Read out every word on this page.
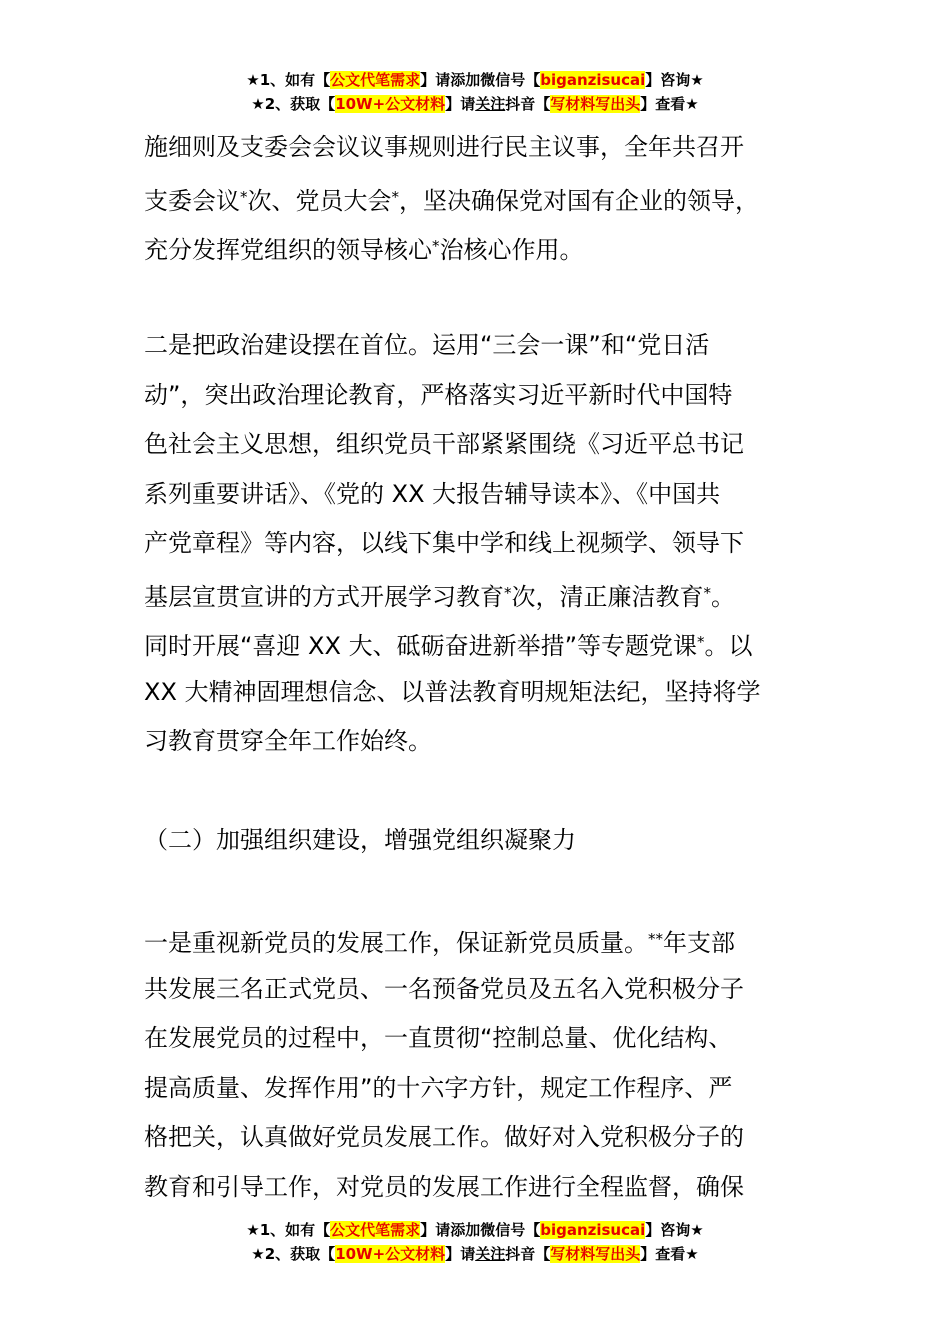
★1、如有【公文代笔需求】请添加微信号【biganzisucai】咨询★
★2、获取【10W+公文材料】请关注抖音【写材料写出头】查看★
施细则及支委会会议议事规则进行民主议事，全年共召开
支委会议*次、党员大会*，坚决确保党对国有企业的领导，
充分发挥党组织的领导核心*治核心作用。
二是把政治建设摆在首位。运用“三会一课”和“党日活
动”，突出政治理论教育，严格落实习近平新时代中国特
色社会主义思想，组织党员干部紧紧围绕《习近平总书记
系列重要讲话》、《党的 XX 大报告辅导读本》、《中国共
产党章程》等内容，以线下集中学和线上视频学、领导下
基层宣贯宣讲的方式开展学习教育*次，清正廉洁教育*。
同时开展“喜迎 XX 大、砥砺奋进新举措”等专题党课*。以
XX 大精神固理想信念、以普法教育明规矩法纪，坚持将学
习教育贯穿全年工作始终。
（二）加强组织建设，增强党组织凝聚力
一是重视新党员的发展工作，保证新党员质量。**年支部
共发展三名正式党员、一名预备党员及五名入党积极分子
在发展党员的过程中，一直贯彻“控制总量、优化结构、
提高质量、发挥作用”的十六字方针，规定工作程序、严
格把关，认真做好党员发展工作。做好对入党积极分子的
教育和引导工作，对党员的发展工作进行全程监督，确保
★1、如有【公文代笔需求】请添加微信号【biganzisucai】咨询★
★2、获取【10W+公文材料】请关注抖音【写材料写出头】查看★
